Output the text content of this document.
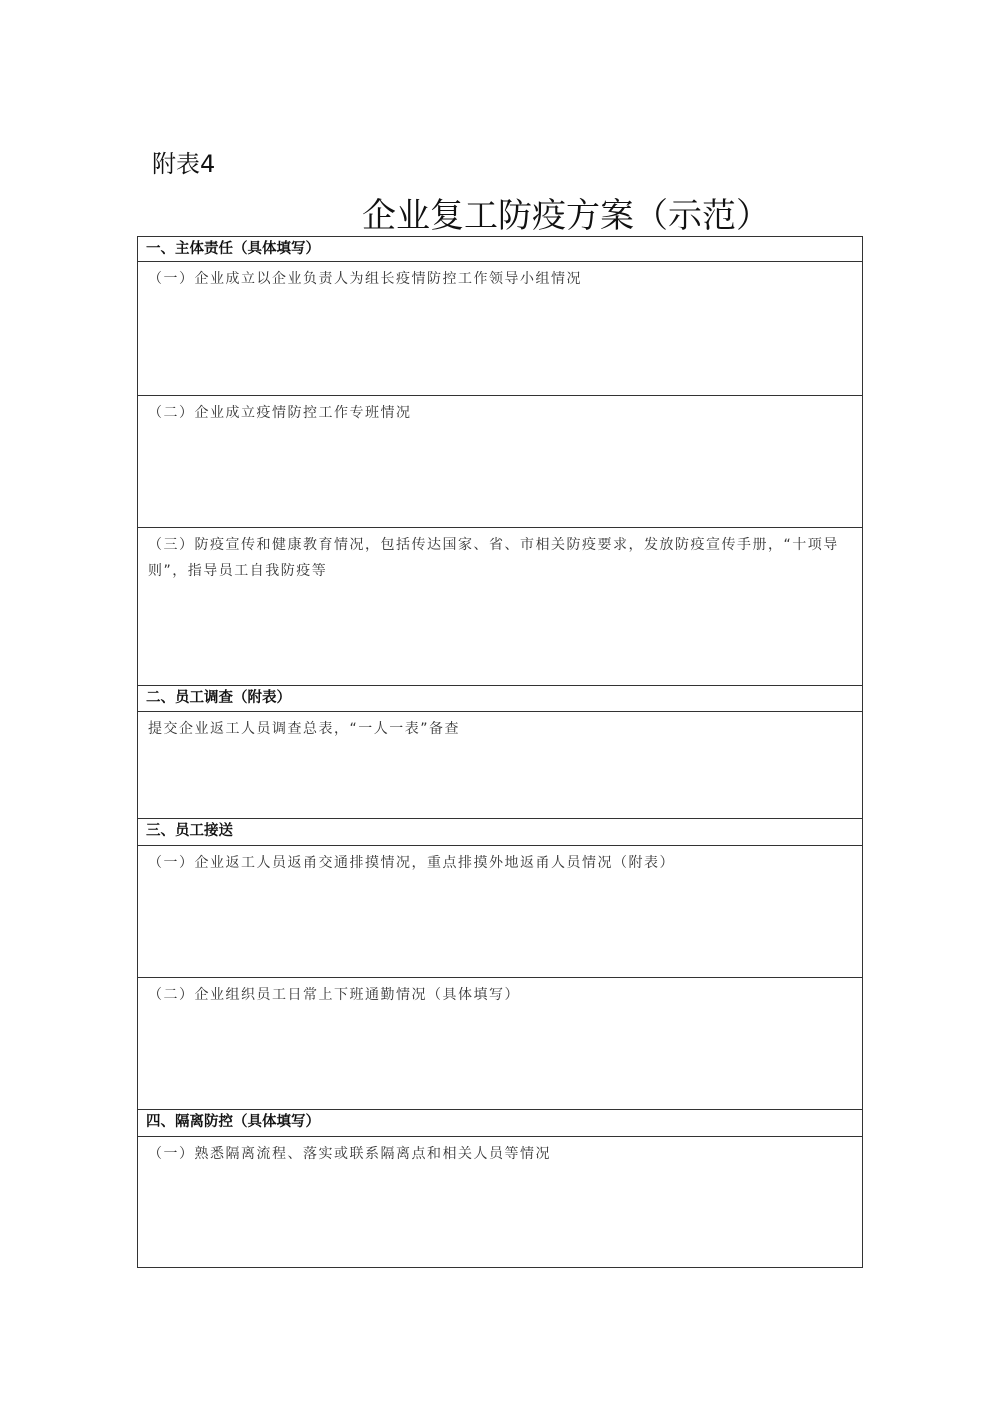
附表4
企业复工防疫方案（示范）
一、主体责任（具体填写）
（一）企业成立以企业负责人为组长疫情防控工作领导小组情况
（二）企业成立疫情防控工作专班情况
（三）防疫宣传和健康教育情况，包括传达国家、省、市相关防疫要求，发放防疫宣传手册，“十项导则”，指导员工自我防疫等
二、员工调查（附表）
提交企业返工人员调查总表，“一人一表”备查
三、员工接送
（一）企业返工人员返甬交通排摸情况，重点排摸外地返甬人员情况（附表）
（二）企业组织员工日常上下班通勤情况（具体填写）
四、隔离防控（具体填写）
（一）熟悉隔离流程、落实或联系隔离点和相关人员等情况
